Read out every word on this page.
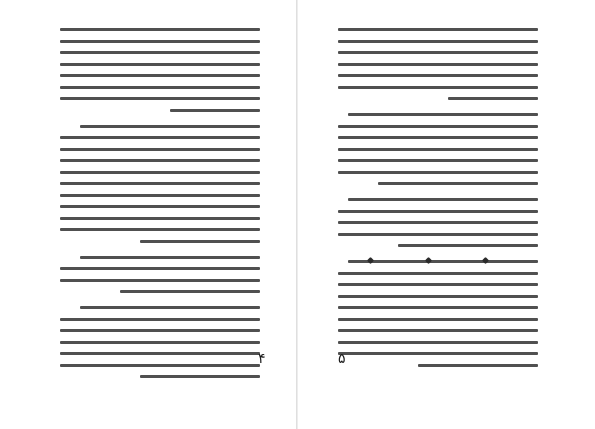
۴	۵
